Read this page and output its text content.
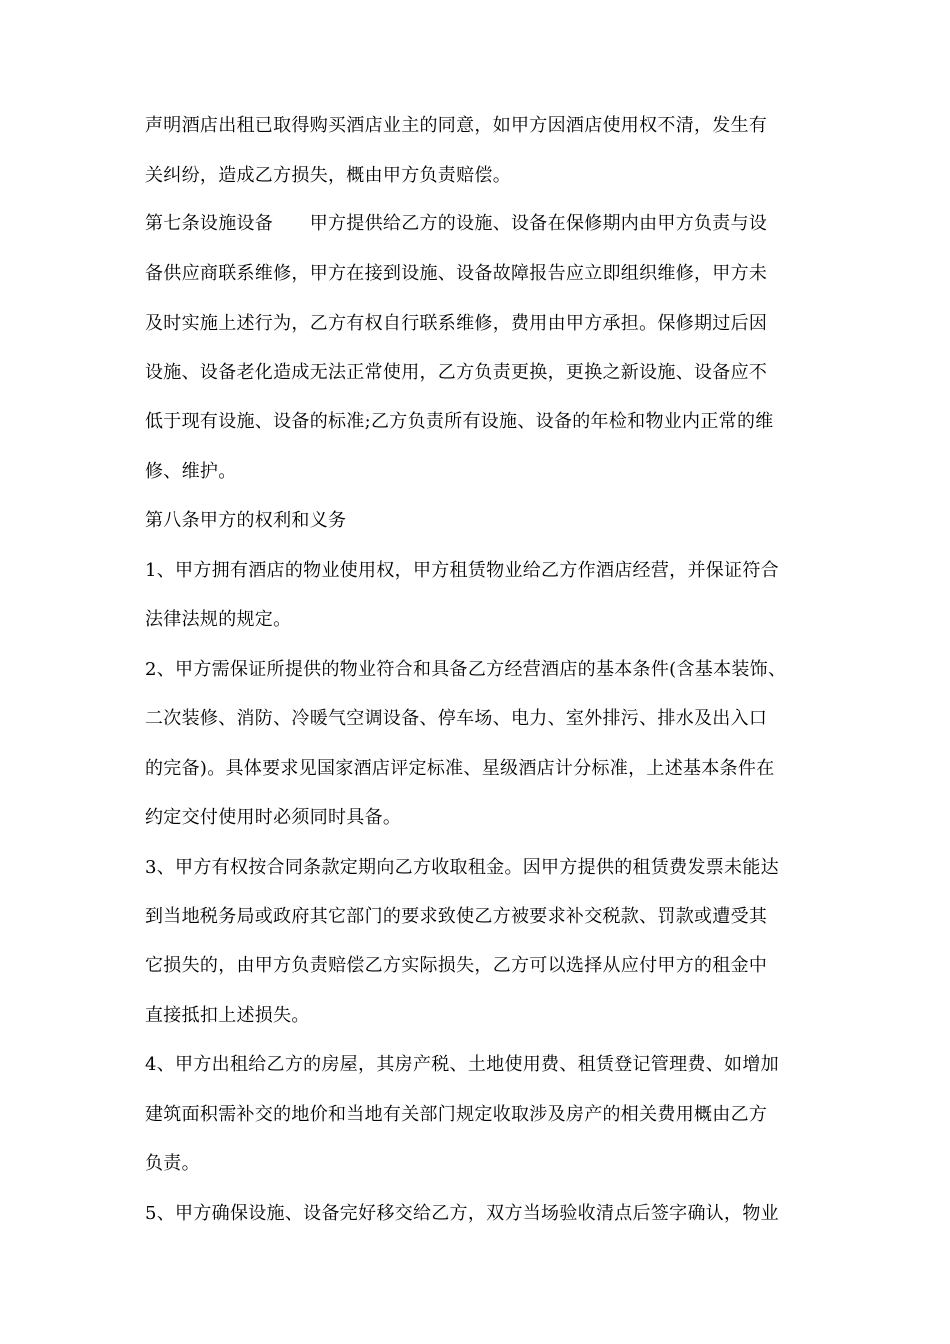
声明酒店出租已取得购买酒店业主的同意，如甲方因酒店使用权不清，发生有
关纠纷，造成乙方损失，概由甲方负责赔偿。
第七条设施设备　　甲方提供给乙方的设施、设备在保修期内由甲方负责与设
备供应商联系维修，甲方在接到设施、设备故障报告应立即组织维修，甲方未
及时实施上述行为，乙方有权自行联系维修，费用由甲方承担。保修期过后因
设施、设备老化造成无法正常使用，乙方负责更换，更换之新设施、设备应不
低于现有设施、设备的标准;乙方负责所有设施、设备的年检和物业内正常的维
修、维护。
第八条甲方的权利和义务
1、甲方拥有酒店的物业使用权，甲方租赁物业给乙方作酒店经营，并保证符合
法律法规的规定。
2、甲方需保证所提供的物业符合和具备乙方经营酒店的基本条件(含基本装饰、
二次装修、消防、冷暖气空调设备、停车场、电力、室外排污、排水及出入口
的完备)。具体要求见国家酒店评定标准、星级酒店计分标准，上述基本条件在
约定交付使用时必须同时具备。
3、甲方有权按合同条款定期向乙方收取租金。因甲方提供的租赁费发票未能达
到当地税务局或政府其它部门的要求致使乙方被要求补交税款、罚款或遭受其
它损失的，由甲方负责赔偿乙方实际损失，乙方可以选择从应付甲方的租金中
直接抵扣上述损失。
4、甲方出租给乙方的房屋，其房产税、土地使用费、租赁登记管理费、如增加
建筑面积需补交的地价和当地有关部门规定收取涉及房产的相关费用概由乙方
负责。
5、甲方确保设施、设备完好移交给乙方，双方当场验收清点后签字确认，物业
